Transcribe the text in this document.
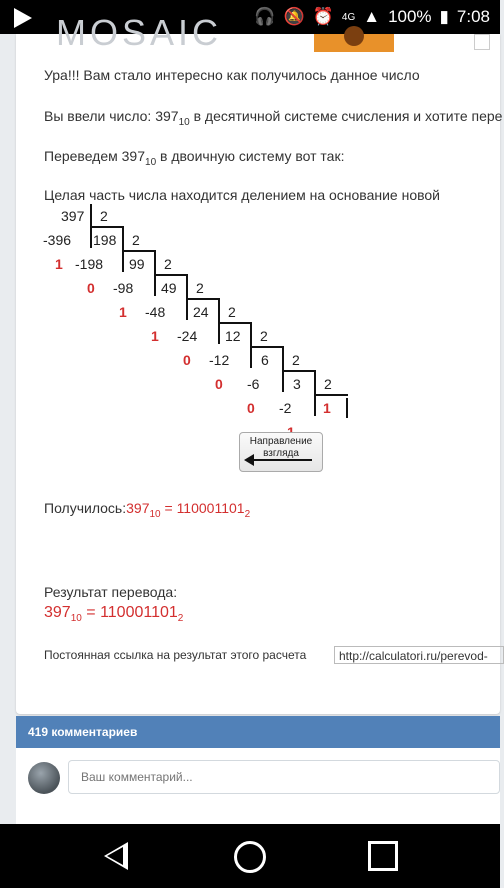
🎧 🔕 ⏰ 4G ▲ 100% ▮ 7:08
MOSAIC
Ура!!! Вам стало интересно как получилось данное число
Вы ввели число: $397_{10}$ в десятичной системе счисления и хотите пере
Переведем $397_{10}$ в двоичную систему вот так:
Целая часть числа находится делением на основание новой
397 2
-396
1
198 2
-198
0
99 2
-98
1
49 2
-48
1
24 2
-24
0
12 2
-12
0
6 2
-6
0
3 2
-2 1
Направление
взгляда
$Получилось:397_{10} = 110001101_2$
Результат перевода:
$397_{10} = 110001101_2$
Постоянная ссылка на результат этого расчета	http://calculatori.ru/perevod-
419 комментариев
Ваш комментарий...
